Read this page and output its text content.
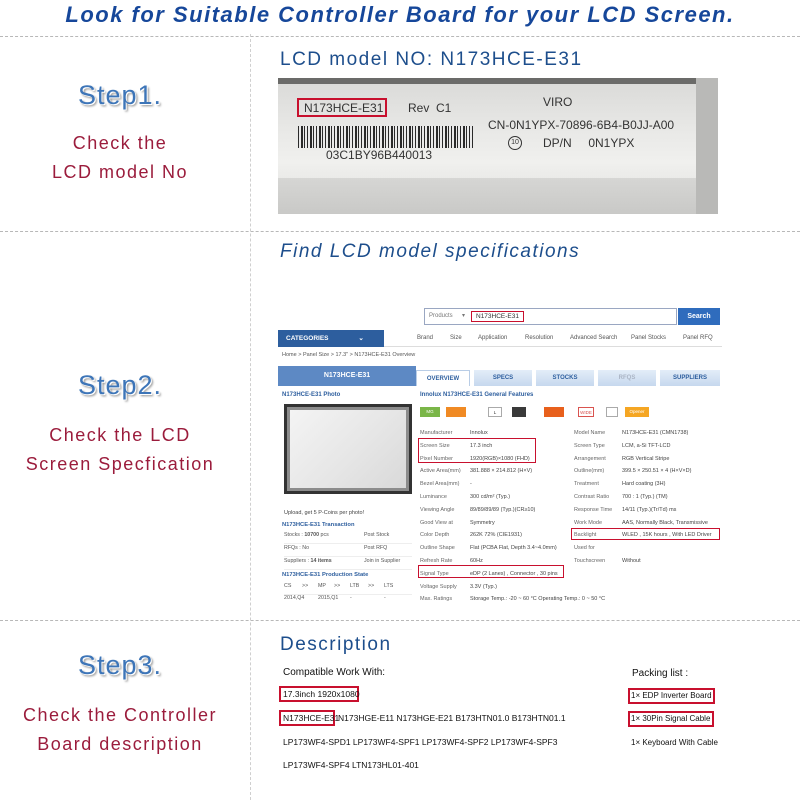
Look for Suitable Controller Board for your LCD Screen.
Step1.
Check the
LCD model No
LCD model NO: N173HCE-E31
N173HCE-E31 Rev  C1	VIRO
CN-0N1YPX-70896-6B4-B0JJ-A00
DP/N     0N1YPX
03C1BY96B440013
10
Step2.
Check the LCD
Screen Specfication
Find LCD model specifications
Products ▾	N173HCE-E31	Search
CATEGORIES	⌄	Brand	Size	Application	Resolution	Advanced Search Panel Stocks	Panel RFQ
Home > Panel Size > 17.3" > N173HCE-E31 Overview
N173HCE-E31	OVERVIEW	SPECS	STOCKS	RFQS	SUPPLIERS
N173HCE-E31 Photo	Innolux N173HCE-E31 General Features
Upload, get 5 P-Coins per photo!
N173HCE-E31 Transaction
Stocks : 10700 pcs	Post Stock
RFQs : No	Post RFQ
Suppliers : 14 items	Join in Supplier
N173HCE-E31 Production State
CS >> MP >> LTB >> LTS
2014,Q4	2015,Q1 -	-
MG	L	WIDE	Opener
Manufacturer	Innolux
Screen Size	17.3 inch
Pixel Number	1920(RGB)×1080 (FHD)
Active Area(mm) 381.888 × 214.812 (H×V)
Bezel Area(mm) -
Luminance	300 cd/m² (Typ.)
Viewing Angle	89/89/89/89 (Typ.)(CR≥10)
Good View at	Symmetry
Color Depth	262K 72% (CIE1931)
Outline Shape	Flat (PCBA Flat, Depth 3.4~4.0mm)
Refresh Rate	60Hz
Signal Type	eDP (2 Lanes) , Connector , 30 pins
Voltage Supply 3.3V (Typ.)
Max. Ratings	Storage Temp.: -20 ~ 60 °C Operating Temp.: 0 ~ 50 °C
Model Name	N173HCE-E31 (CMN1738)
Screen Type	LCM, a-Si TFT-LCD
Arrangement	RGB Vertical Stripe
Outline(mm)	399.5 × 250.51 × 4 (H×V×D)
Treatment	Hard coating (3H)
Contrast Ratio 700 : 1 (Typ.) (TM)
Response Time 14/11 (Typ.)(Tr/Td) ms
Work Mode	AAS, Normally Black, Transmissive
Backlight	WLED , 15K hours , With LED Driver
Used for
Touchscreen	Without
Step3.
Check the Controller
Board description
Description
Compatible Work With:
17.3inch 1920x1080
N173HCE-E31
N173HGE-E11 N173HGE-E21 B173HTN01.0 B173HTN01.1
LP173WF4-SPD1 LP173WF4-SPF1 LP173WF4-SPF2 LP173WF4-SPF3
LP173WF4-SPF4 LTN173HL01-401
Packing list :
1× EDP Inverter Board
1× 30Pin Signal Cable
1× Keyboard With Cable
